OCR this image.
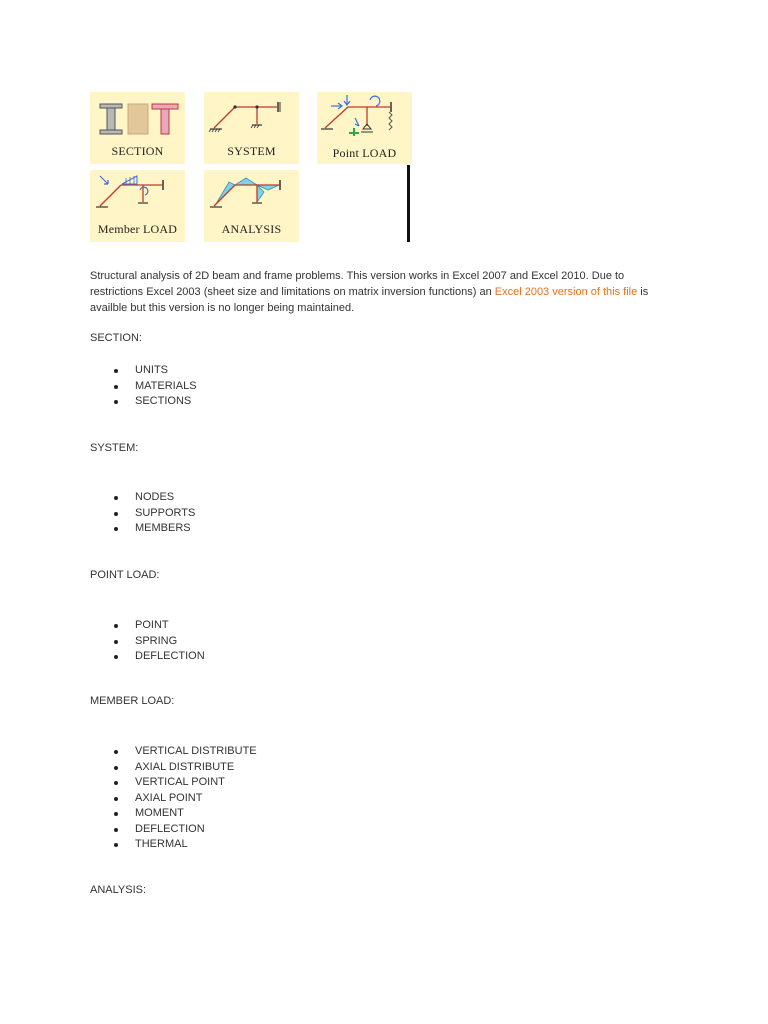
SECTION	SYSTEM	Point LOAD
Member LOAD	ANALYSIS
Structural analysis of 2D beam and frame problems. This version works in Excel 2007 and Excel 2010. Due to restrictions Excel 2003 (sheet size and limitations on matrix inversion functions) an Excel 2003 version of this file is availble but this version is no longer being maintained.
SECTION:
UNITS
MATERIALS
SECTIONS
SYSTEM:
NODES
SUPPORTS
MEMBERS
POINT LOAD:
POINT
SPRING
DEFLECTION
MEMBER LOAD:
VERTICAL DISTRIBUTE
AXIAL DISTRIBUTE
VERTICAL POINT
AXIAL POINT
MOMENT
DEFLECTION
THERMAL
ANALYSIS:
